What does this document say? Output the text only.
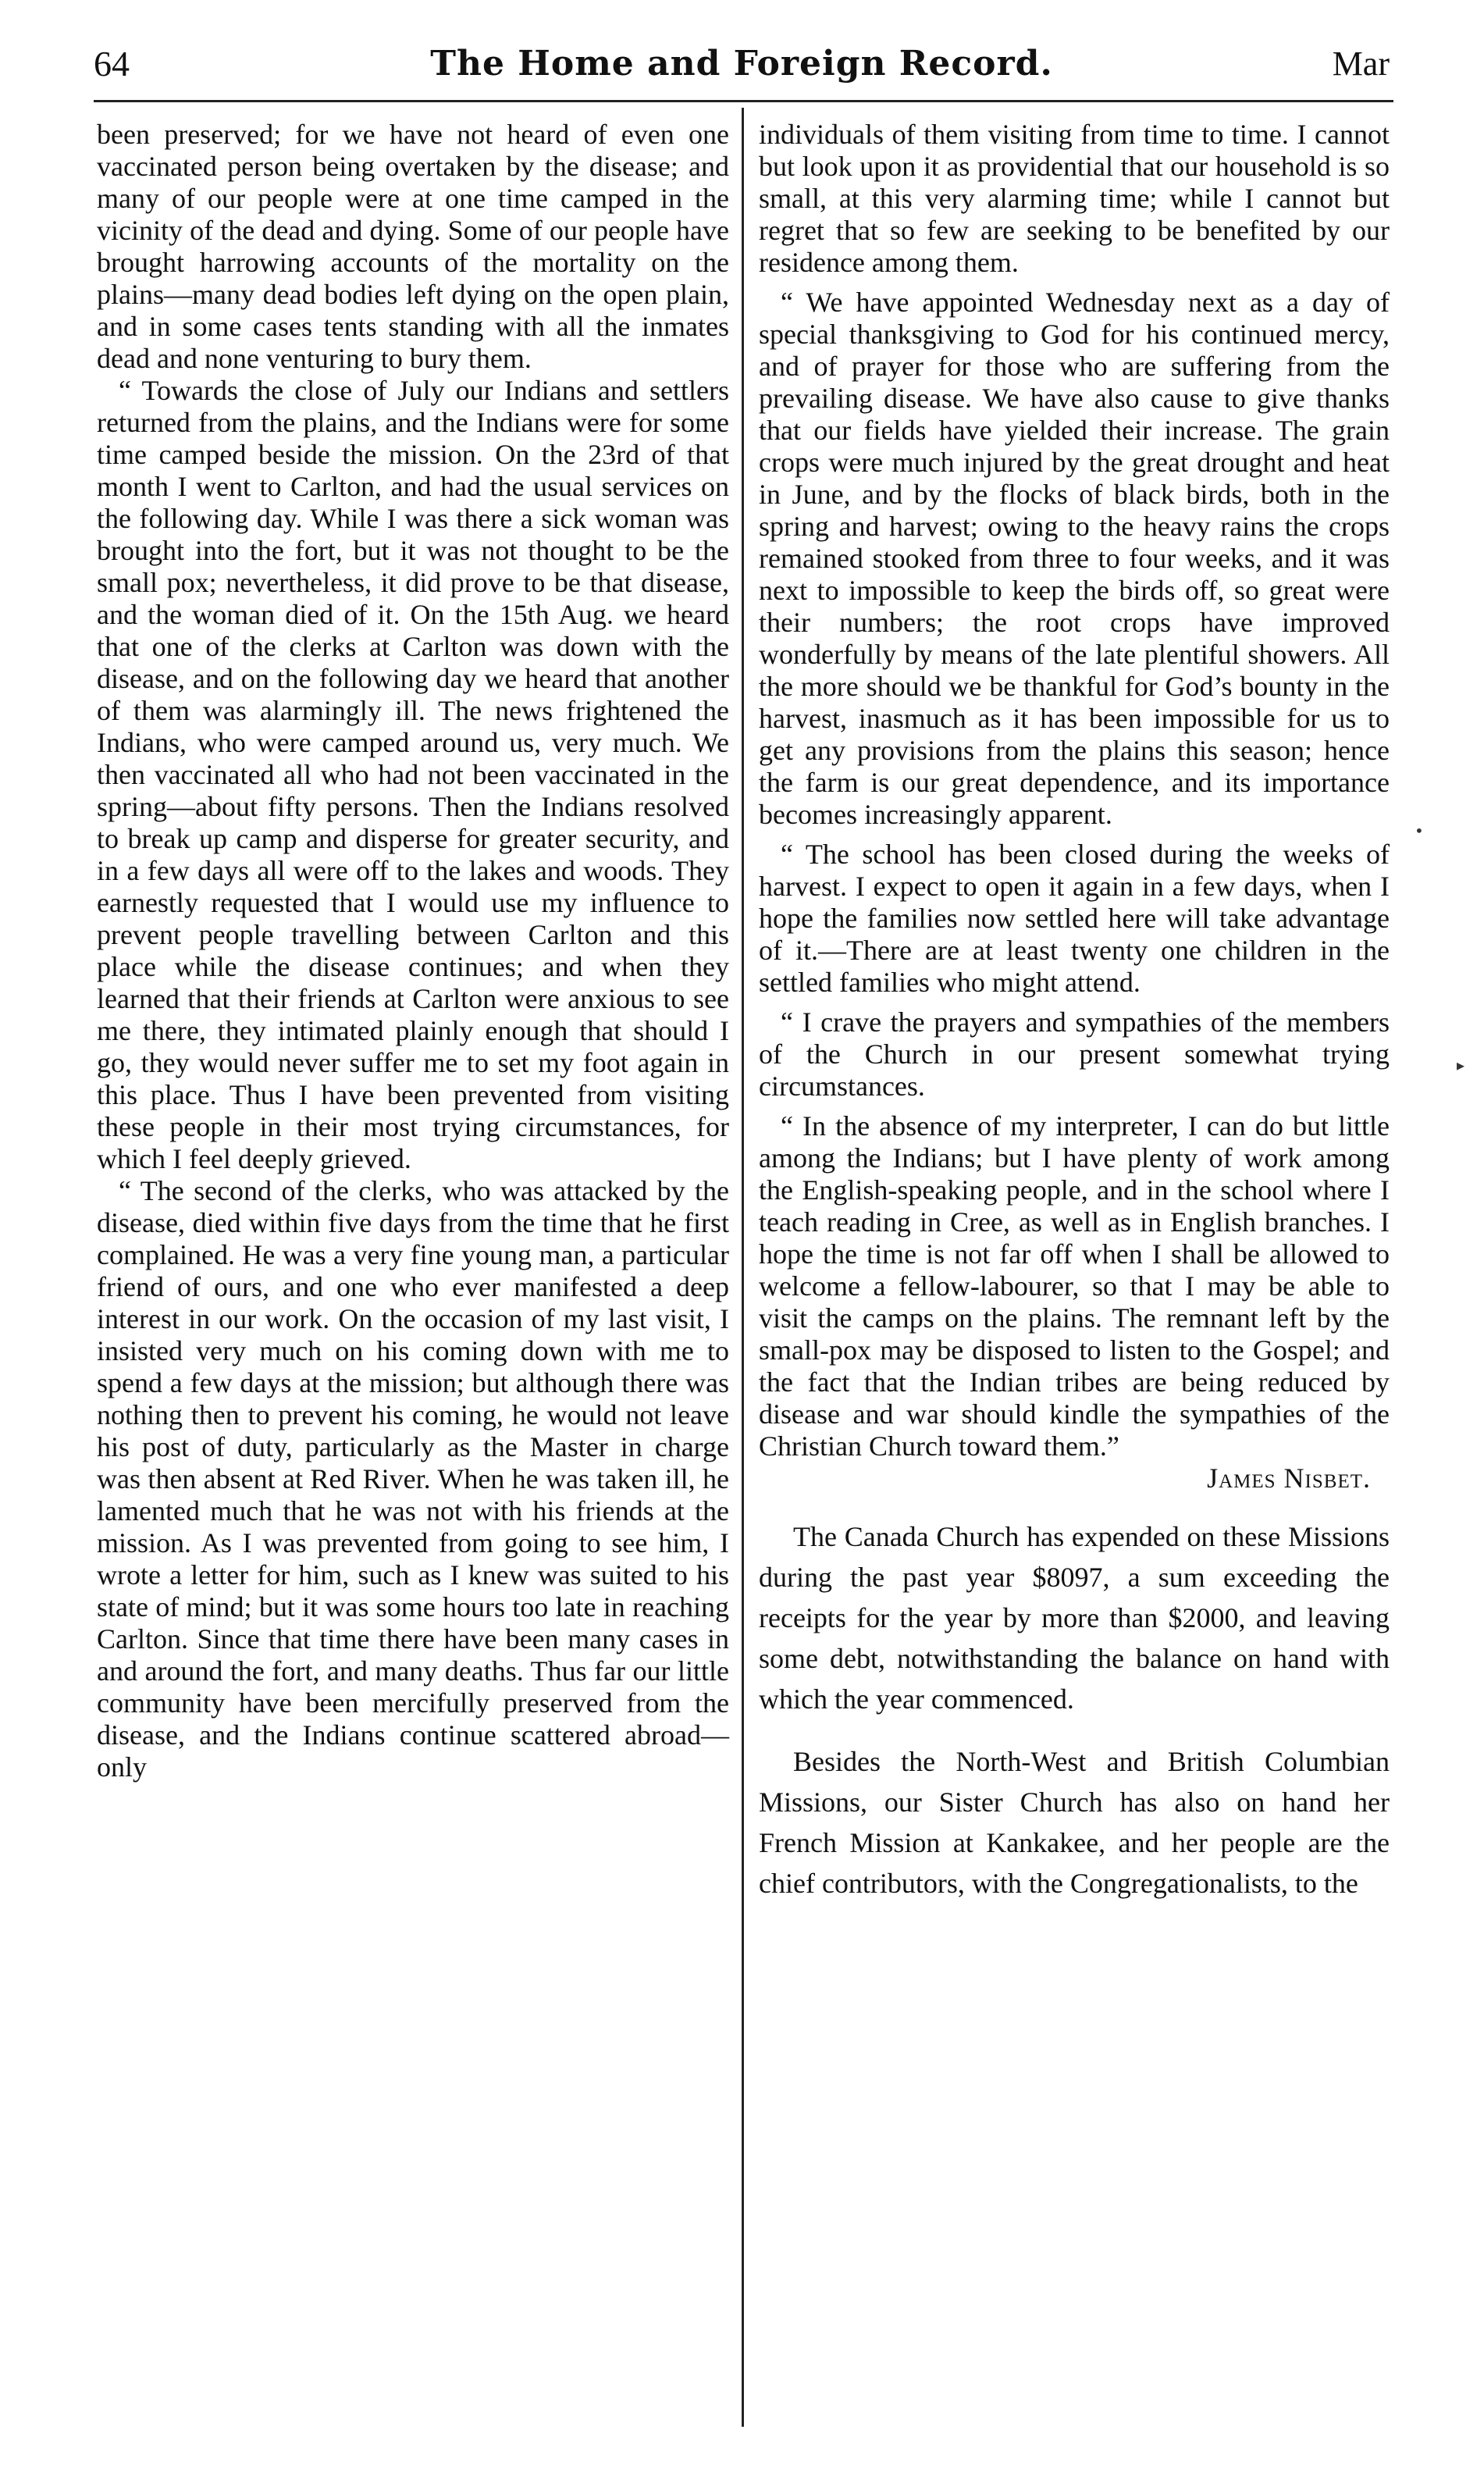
64	The Home and Foreign Record.	Mar

been preserved; for we have not heard of even one vaccinated person being overtaken by the disease; and many of our people were at one time camped in the vicinity of the dead and dying. Some of our people have brought harrowing accounts of the mortality on the plains—many dead bodies left dying on the open plain, and in some cases tents standing with all the inmates dead and none venturing to bury them.

“ Towards the close of July our Indians and settlers returned from the plains, and the Indians were for some time camped beside the mission. On the 23rd of that month I went to Carlton, and had the usual services on the following day. While I was there a sick woman was brought into the fort, but it was not thought to be the small pox; nevertheless, it did prove to be that disease, and the woman died of it. On the 15th Aug. we heard that one of the clerks at Carlton was down with the disease, and on the following day we heard that another of them was alarmingly ill. The news frightened the Indians, who were camped around us, very much. We then vaccinated all who had not been vaccinated in the spring—about fifty persons. Then the Indians resolved to break up camp and disperse for greater security, and in a few days all were off to the lakes and woods. They earnestly requested that I would use my influence to prevent people travelling between Carlton and this place while the disease continues; and when they learned that their friends at Carlton were anxious to see me there, they intimated plainly enough that should I go, they would never suffer me to set my foot again in this place. Thus I have been prevented from visiting these people in their most trying circumstances, for which I feel deeply grieved.

“ The second of the clerks, who was attacked by the disease, died within five days from the time that he first complained. He was a very fine young man, a particular friend of ours, and one who ever manifested a deep interest in our work. On the occasion of my last visit, I insisted very much on his coming down with me to spend a few days at the mission; but although there was nothing then to prevent his coming, he would not leave his post of duty, particularly as the Master in charge was then absent at Red River. When he was taken ill, he lamented much that he was not with his friends at the mission. As I was prevented from going to see him, I wrote a letter for him, such as I knew was suited to his state of mind; but it was some hours too late in reaching Carlton. Since that time there have been many cases in and around the fort, and many deaths. Thus far our little community have been mercifully preserved from the disease, and the Indians continue scattered abroad—only

individuals of them visiting from time to time. I cannot but look upon it as providential that our household is so small, at this very alarming time; while I cannot but regret that so few are seeking to be benefited by our residence among them.

“ We have appointed Wednesday next as a day of special thanksgiving to God for his continued mercy, and of prayer for those who are suffering from the prevailing disease. We have also cause to give thanks that our fields have yielded their increase. The grain crops were much injured by the great drought and heat in June, and by the flocks of black birds, both in the spring and harvest; owing to the heavy rains the crops remained stooked from three to four weeks, and it was next to impossible to keep the birds off, so great were their numbers; the root crops have improved wonderfully by means of the late plentiful showers. All the more should we be thankful for God’s bounty in the harvest, inasmuch as it has been impossible for us to get any provisions from the plains this season; hence the farm is our great dependence, and its importance becomes increasingly apparent.

“ The school has been closed during the weeks of harvest. I expect to open it again in a few days, when I hope the families now settled here will take advantage of it.—There are at least twenty one children in the settled families who might attend.

“ I crave the prayers and sympathies of the members of the Church in our present somewhat trying circumstances.

“ In the absence of my interpreter, I can do but little among the Indians; but I have plenty of work among the English-speaking people, and in the school where I teach reading in Cree, as well as in English branches. I hope the time is not far off when I shall be allowed to welcome a fellow-labourer, so that I may be able to visit the camps on the plains. The remnant left by the small-pox may be disposed to listen to the Gospel; and the fact that the Indian tribes are being reduced by disease and war should kindle the sympathies of the Christian Church toward them.”

James Nisbet.

The Canada Church has expended on these Missions during the past year $8097, a sum exceeding the receipts for the year by more than $2000, and leaving some debt, notwithstanding the balance on hand with which the year commenced.

Besides the North-West and British Columbian Missions, our Sister Church has also on hand her French Mission at Kankakee, and her people are the chief contributors, with the Congregationalists, to the

•
▸
